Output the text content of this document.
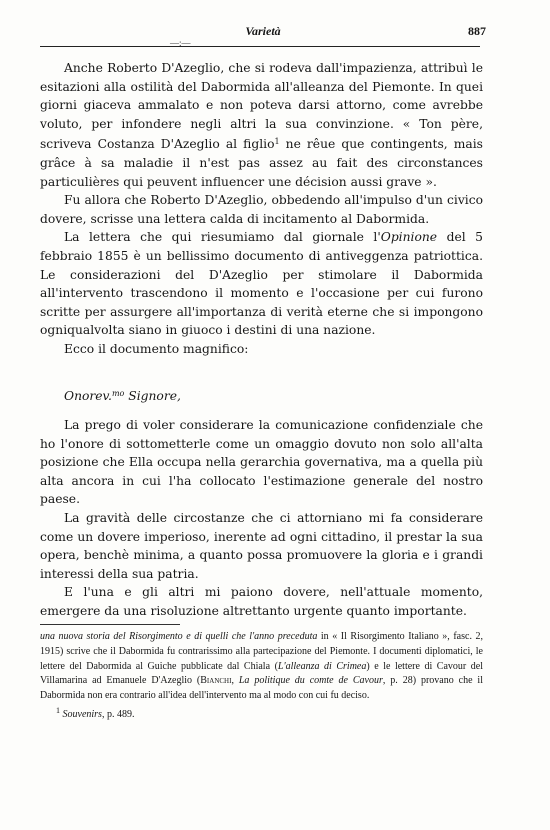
Varietà	887
—:—

Anche Roberto D'Azeglio, che si rodeva dall'impazienza, attribuì le esitazioni alla ostilità del Dabormida all'alleanza del Piemonte. In quei giorni giaceva ammalato e non poteva darsi attorno, come avrebbe voluto, per infondere negli altri la sua convinzione. « Ton père, scriveva Costanza D'Azeglio al figlio$^1$ ne rêue que contingents, mais grâce à sa maladie il n'est pas assez au fait des circonstances particulières qui peuvent influencer une décision aussi grave ».

Fu allora che Roberto D'Azeglio, obbedendo all'impulso d'un civico dovere, scrisse una lettera calda di incitamento al Dabormida.

La lettera che qui riesumiamo dal giornale l'Opinione del 5 febbraio 1855 è un bellissimo documento di antiveggenza patriottica. Le considerazioni del D'Azeglio per stimolare il Dabormida all'intervento trascendono il momento e l'occasione per cui furono scritte per assurgere all'importanza di verità eterne che si impongono ogniqualvolta siano in giuoco i destini di una nazione.

Ecco il documento magnifico:

Onorev.$^{mo}$ Signore,

La prego di voler considerare la comunicazione confidenziale che ho l'onore di sottometterle come un omaggio dovuto non solo all'alta posizione che Ella occupa nella gerarchia governativa, ma a quella più alta ancora in cui l'ha collocato l'estimazione generale del nostro paese.

La gravità delle circostanze che ci attorniano mi fa considerare come un dovere imperioso, inerente ad ogni cittadino, il prestar la sua opera, benchè minima, a quanto possa promuovere la gloria e i grandi interessi della sua patria.

E l'una e gli altri mi paiono dovere, nell'attuale momento, emergere da una risoluzione altrettanto urgente quanto importante.

una nuova storia del Risorgimento e di quelli che l'anno preceduta in « Il Risorgimento Italiano », fasc. 2, 1915) scrive che il Dabormida fu contrarissimo alla partecipazione del Piemonte. I documenti diplomatici, le lettere del Dabormida al Guiche pubblicate dal Chiala (L'alleanza di Crimea) e le lettere di Cavour del Villamarina ad Emanuele D'Azeglio (Bianchi, La politique du comte de Cavour, p. 28) provano che il Dabormida non era contrario all'idea dell'intervento ma al modo con cui fu deciso.

$^1$ Souvenirs, p. 489.
